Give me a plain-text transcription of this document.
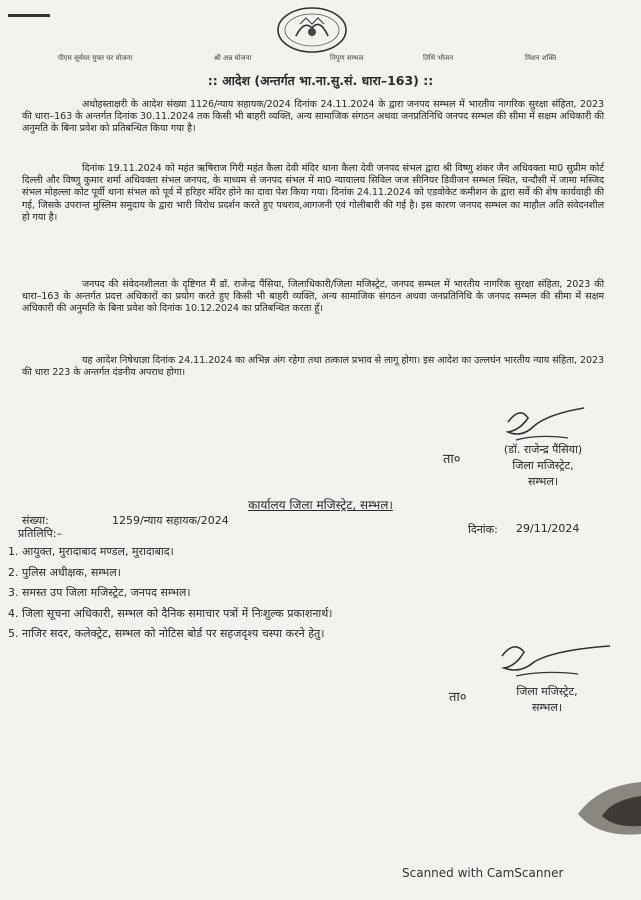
पीएम सूर्यघर मुफ्त घर योजना	श्री अन्न योजना	निपुण सम्भल	तिथि भोजन	मिशन शक्ति
:: आदेश (अन्तर्गत भा.ना.सु.सं. धारा–163) ::
अधोहस्ताक्षरी के आदेश संख्या 1126/न्याय सहायक/2024 दिनांक 24.11.2024 के द्वारा जनपद सम्भल में भारतीय नागरिक सुरक्षा संहिता, 2023 की धारा–163 के अन्तर्गत दिनांक 30.11.2024 तक किसी भी बाहरी व्यक्ति, अन्य सामाजिक संगठन अथवा जनप्रतिनिधि जनपद सम्भल की सीमा में सक्षम अधिकारी की अनुमति के बिना प्रवेश को प्रतिबन्धित किया गया है।
दिनांक 19.11.2024 को महंत ऋषिराज गिरी महंत कैला देवी मंदिर थाना कैला देवी जनपद संभल द्वारा श्री विष्णु शंकर जैन अधिवक्ता मा0 सुप्रीम कोर्ट दिल्ली और विष्णु कुमार शर्मा अधिवक्ता संभल जनपद, के माध्यम से जनपद संभल में मा0 न्यायालय सिविल जज सीनियर डिवीजन सम्भल स्थित, चन्दौसी में जामा मस्जिद संभल मोहल्ला कोट पूर्वी थाना संभल को पूर्व में हरिहर मंदिर होने का दावा पेश किया गया। दिनांक 24.11.2024 को एडवोकेट कमीशन के द्वारा सर्वे की शेष कार्यवाही की गई, जिसके उपरान्त मुस्लिम समुदाय के द्वारा भारी विरोध प्रदर्शन करते हुए पथराव,आगजनी एवं गोलीबारी की गई है। इस कारण जनपद सम्भल का माहौल अति संवेदनशील हो गया है।
जनपद की संवेदनशीलता के दृष्टिगत मैं डॉ. राजेन्द्र पैंसिया, जिलाधिकारी/जिला मजिस्ट्रेट, जनपद सम्भल में भारतीय नागरिक सुरक्षा संहिता, 2023 की धारा–163 के अन्तर्गत प्रदत्त अधिकारों का प्रयोग करते हुए किसी भी बाहरी व्यक्ति, अन्य सामाजिक संगठन अथवा जनप्रतिनिधि के जनपद सम्भल की सीमा में सक्षम अधिकारी की अनुमति के बिना प्रवेश को दिनांक 10.12.2024 का प्रतिबन्धित करता हूँ।
यह आदेश निषेधाज्ञा दिनांक 24.11.2024 का अभिन्न अंग रहेगा तथा तत्काल प्रभाव से लागू होगा। इस आदेश का उल्लघंन भारतीय न्याय संहिता, 2023 की धारा 223 के अन्तर्गत दंडनीय अपराध होगा।
ता०
(डॉ. राजेन्द्र पैंसिया)
जिला मजिस्ट्रेट,
सम्भल।
कार्यालय जिला मजिस्ट्रेट, सम्भल।
संख्या:	1259/न्याय सहायक/2024
दिनांक: 29/11/2024
प्रतिलिपि:–
1. आयुक्त, मुरादाबाद मण्डल, मुरादाबाद।
2. पुलिस अधीक्षक, सम्भल।
3. समस्त उप जिला मजिस्ट्रेट, जनपद सम्भल।
4. जिला सूचना अधिकारी, सम्भल को दैनिक समाचार पत्रों में निःशुल्क प्रकाशनार्थ।
5. नाजिर सदर, कलेक्ट्रेट, सम्भल को नोटिस बोर्ड पर सहजदृश्य चस्पा करने हेतु।
ता०	जिला मजिस्ट्रेट,
सम्भल।
Scanned with CamScanner
